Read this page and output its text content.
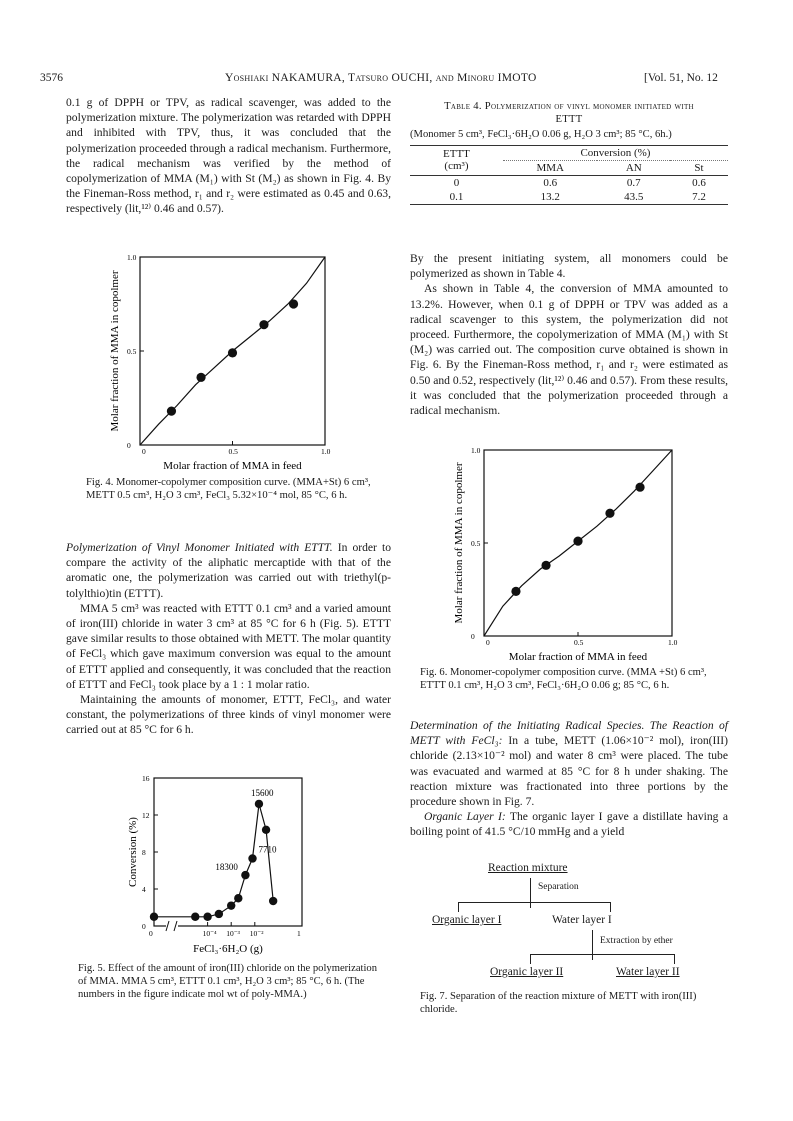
3576	Yoshiaki NAKAMURA, Tatsuro OUCHI, and Minoru IMOTO	[Vol. 51, No. 12

0.1 g of DPPH or TPV, as radical scavenger, was added to the polymerization mixture. The polymerization was retarded with DPPH and inhibited with TPV, thus, it was concluded that the polymerization proceeded through a radical mechanism. Furthermore, the radical mechanism was verified by the method of copolymerization of MMA (M₁) with St (M₂) as shown in Fig. 4. By the Fineman-Ross method, r₁ and r₂ were estimated as 0.45 and 0.63, respectively (lit,¹²⁾ 0.46 and 0.57).

0
0
0.5
0.5
1.0
1.0
Molar fraction of MMA in feed
Molar fraction of MMA in copolmer
Fig. 4. Monomer-copolymer composition curve. (MMA+St) 6 cm³, METT 0.5 cm³, H₂O 3 cm³, FeCl₃ 5.32×10⁻⁴ mol, 85 °C, 6 h.

Polymerization of Vinyl Monomer Initiated with ETTT. In order to compare the activity of the aliphatic mercaptide with that of the aromatic one, the polymerization was carried out with triethyl(p-tolylthio)tin (ETTT).

MMA 5 cm³ was reacted with ETTT 0.1 cm³ and a varied amount of iron(III) chloride in water 3 cm³ at 85 °C for 6 h (Fig. 5). ETTT gave similar results to those obtained with METT. The molar quantity of FeCl₃ which gave maximum conversion was equal to the amount of ETTT applied and consequently, it was concluded that the reaction of ETTT and FeCl₃ took place by a 1 : 1 molar ratio.

Maintaining the amounts of monomer, ETTT, FeCl₃, and water constant, the polymerizations of three kinds of vinyl monomer were carried out at 85 °C for 6 h.

0
4
8
12
16
0	10⁻⁴ 10⁻³ 10⁻²	1
15600
7710
18300
FeCl₃·6H₂O (g)
Conversion (%)
Fig. 5. Effect of the amount of iron(III) chloride on the polymerization of MMA. MMA 5 cm³, ETTT 0.1 cm³, H₂O 3 cm³; 85 °C, 6 h. (The numbers in the figure indicate mol wt of poly-MMA.)
Table 4. Polymerization of vinyl monomer initiated with ETTT
(Monomer 5 cm³, FeCl₃·6H₂O 0.06 g, H₂O 3 cm³; 85 °C, 6h.)
ETTT
(cm³)	Conversion (%)		
	MMA	AN	St
0	0.6	0.7	0.6
0.1	13.2	43.5	7.2

By the present initiating system, all monomers could be polymerized as shown in Table 4.

As shown in Table 4, the conversion of MMA amounted to 13.2%. However, when 0.1 g of DPPH or TPV was added as a radical scavenger to this system, the polymerization did not proceed. Furthermore, the copolymerization of MMA (M₁) with St (M₂) was carried out. The composition curve obtained is shown in Fig. 6. By the Fineman-Ross method, r₁ and r₂ were estimated as 0.50 and 0.52, respectively (lit,¹²⁾ 0.46 and 0.57). From these results, it was concluded that the polymerization proceeded through a radical mechanism.

0
0
0.5
0.5
1.0
1.0
Molar fraction of MMA in feed
Molar fraction of MMA in copolmer
Fig. 6. Monomer-copolymer composition curve. (MMA +St) 6 cm³, ETTT 0.1 cm³, H₂O 3 cm³, FeCl₃·6H₂O 0.06 g; 85 °C, 6 h.

Determination of the Initiating Radical Species. The Reaction of METT with FeCl₃: In a tube, METT (1.06×10⁻² mol), iron(III) chloride (2.13×10⁻² mol) and water 8 cm³ were placed. The tube was evacuated and warmed at 85 °C for 8 h under shaking. The reaction mixture was fractionated into three portions by the procedure shown in Fig. 7.

Organic Layer I: The organic layer I gave a distillate having a boiling point of 41.5 °C/10 mmHg and a yield

Reaction mixture
Separation
Organic layer I	Water layer I
Extraction by ether
Organic layer II	Water layer II
Fig. 7. Separation of the reaction mixture of METT with iron(III) chloride.
